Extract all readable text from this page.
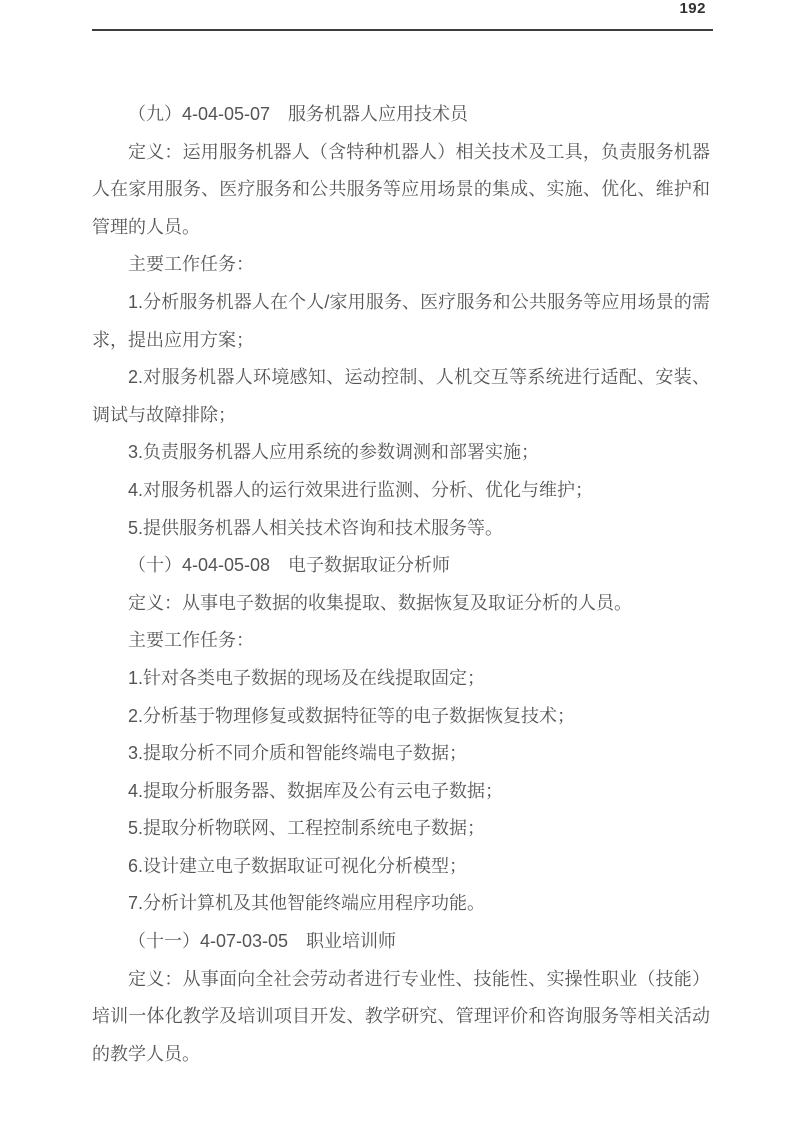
192

（九）4-04-05-07　服务机器人应用技术员

定义：运用服务机器人（含特种机器人）相关技术及工具，负责服务机器人在家用服务、医疗服务和公共服务等应用场景的集成、实施、优化、维护和管理的人员。

主要工作任务：

1.分析服务机器人在个人/家用服务、医疗服务和公共服务等应用场景的需求，提出应用方案；

2.对服务机器人环境感知、运动控制、人机交互等系统进行适配、安装、调试与故障排除；

3.负责服务机器人应用系统的参数调测和部署实施；

4.对服务机器人的运行效果进行监测、分析、优化与维护；

5.提供服务机器人相关技术咨询和技术服务等。

（十）4-04-05-08　电子数据取证分析师

定义：从事电子数据的收集提取、数据恢复及取证分析的人员。

主要工作任务：

1.针对各类电子数据的现场及在线提取固定；

2.分析基于物理修复或数据特征等的电子数据恢复技术；

3.提取分析不同介质和智能终端电子数据；

4.提取分析服务器、数据库及公有云电子数据；

5.提取分析物联网、工程控制系统电子数据；

6.设计建立电子数据取证可视化分析模型；

7.分析计算机及其他智能终端应用程序功能。

（十一）4-07-03-05　职业培训师

定义：从事面向全社会劳动者进行专业性、技能性、实操性职业（技能）培训一体化教学及培训项目开发、教学研究、管理评价和咨询服务等相关活动的教学人员。
